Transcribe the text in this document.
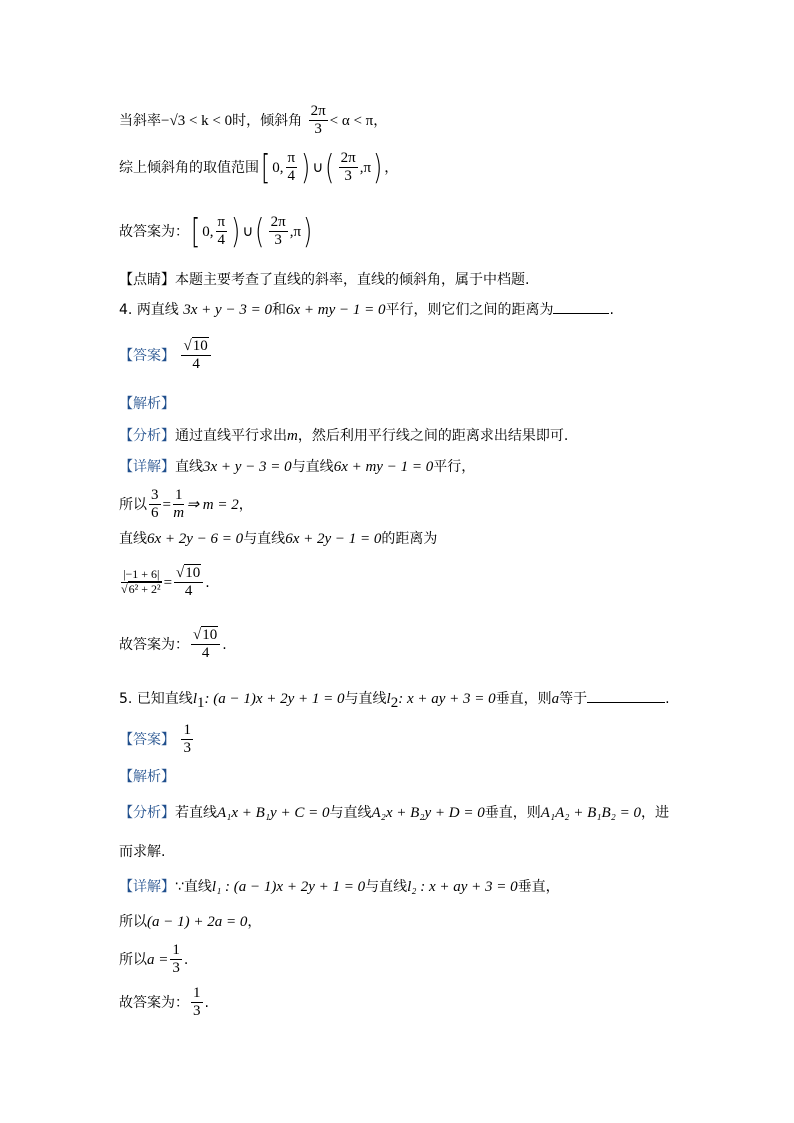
当斜率−√3 < k < 0时，倾斜角 $\frac{2\pi}{3} < \alpha < \pi$，
综上倾斜角的取值范围[ 0, $\frac{\pi}{4}$ ) ∪( $\frac{2\pi}{3} ,\pi$) ，
故答案为：[ 0, $\frac{\pi}{4}$ ) ∪( $\frac{2\pi}{3} ,\pi$)
【点睛】本题主要考查了直线的斜率，直线的倾斜角，属于中档题.
4. 两直线 3x + y − 3 = 0和6x + my − 1 = 0平行，则它们之间的距离为	.
【答案】 $\frac{√10}{4}$
【解析】
【分析】通过直线平行求出m，然后利用平行线之间的距离求出结果即可.
【详解】直线3x + y − 3 = 0与直线6x + my − 1 = 0平行，
所以 $\frac{3}{6} = \frac{1}{m}$ ⇒ m = 2，
直线6x + 2y − 6 = 0与直线6x + 2y − 1 = 0的距离为
$\frac{|-1 + 6|}{\text{√6² + 2²}} = \frac{√10}{4}$ .
故答案为： $\frac{√10}{4}$ .
5. 已知直线$l_1$: (a − 1)x + 2y + 1 = 0与直线$l_2$: x + ay + 3 = 0垂直，则a等于	.
【答案】 $\frac{1}{3}$
【解析】
【分析】若直线A₁x + B₁y + C = 0与直线A₂x + B₂y + D = 0垂直，则A₁A₂ + B₁B₂ = 0，进
而求解.
【详解】∵直线l₁ : (a − 1)x + 2y + 1 = 0与直线l₂ : x + ay + 3 = 0垂直，
所以(a − 1) + 2a = 0，
所以$a = \frac{1}{3}$ .
故答案为： $\frac{1}{3}$ .
